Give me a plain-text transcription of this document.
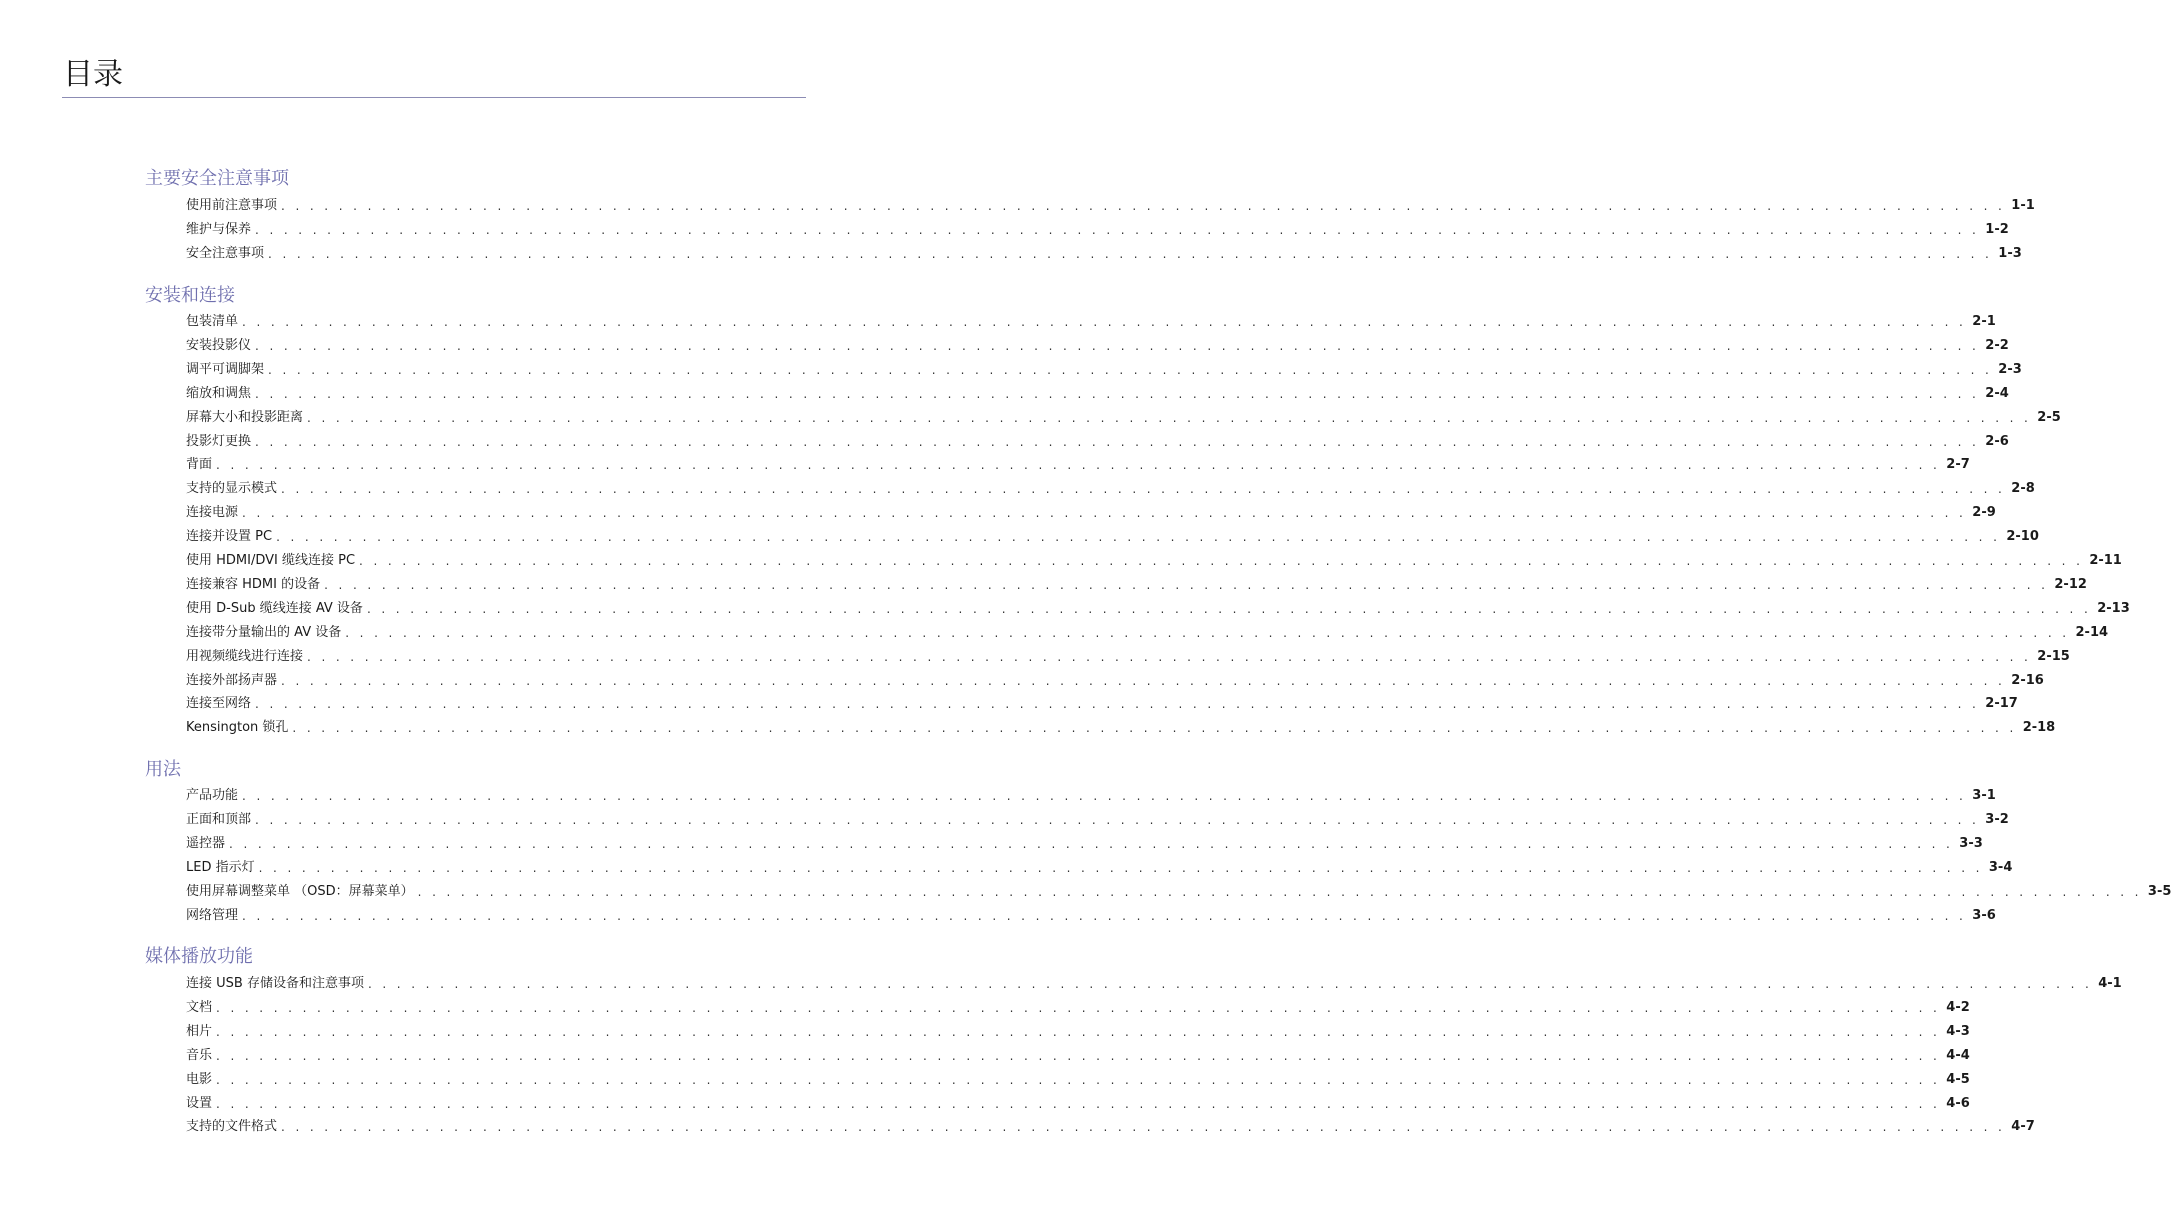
目录
主要安全注意事项
使用前注意事项 . . . . . . . . . . . . . . . . . . . . . . . . . . . . . . . . . . . . . . . . . . . . . . . . . . . . . . . . . . . . . . . . . . . . . . . . . . . . . . . . . . . . . . . . . . . . . . . . . . . . . . . . . . . . . . . . . . . . . . . . 1-1
维护与保养 . . . . . . . . . . . . . . . . . . . . . . . . . . . . . . . . . . . . . . . . . . . . . . . . . . . . . . . . . . . . . . . . . . . . . . . . . . . . . . . . . . . . . . . . . . . . . . . . . . . . . . . . . . . . . . . . . . . . . . . . 1-2
安全注意事项 . . . . . . . . . . . . . . . . . . . . . . . . . . . . . . . . . . . . . . . . . . . . . . . . . . . . . . . . . . . . . . . . . . . . . . . . . . . . . . . . . . . . . . . . . . . . . . . . . . . . . . . . . . . . . . . . . . . . . . . . 1-3
安装和连接
包装清单 . . . . . . . . . . . . . . . . . . . . . . . . . . . . . . . . . . . . . . . . . . . . . . . . . . . . . . . . . . . . . . . . . . . . . . . . . . . . . . . . . . . . . . . . . . . . . . . . . . . . . . . . . . . . . . . . . . . . . . . . 2-1
安装投影仪 . . . . . . . . . . . . . . . . . . . . . . . . . . . . . . . . . . . . . . . . . . . . . . . . . . . . . . . . . . . . . . . . . . . . . . . . . . . . . . . . . . . . . . . . . . . . . . . . . . . . . . . . . . . . . . . . . . . . . . . . 2-2
调平可调脚架 . . . . . . . . . . . . . . . . . . . . . . . . . . . . . . . . . . . . . . . . . . . . . . . . . . . . . . . . . . . . . . . . . . . . . . . . . . . . . . . . . . . . . . . . . . . . . . . . . . . . . . . . . . . . . . . . . . . . . . . . 2-3
缩放和调焦 . . . . . . . . . . . . . . . . . . . . . . . . . . . . . . . . . . . . . . . . . . . . . . . . . . . . . . . . . . . . . . . . . . . . . . . . . . . . . . . . . . . . . . . . . . . . . . . . . . . . . . . . . . . . . . . . . . . . . . . . 2-4
屏幕大小和投影距离 . . . . . . . . . . . . . . . . . . . . . . . . . . . . . . . . . . . . . . . . . . . . . . . . . . . . . . . . . . . . . . . . . . . . . . . . . . . . . . . . . . . . . . . . . . . . . . . . . . . . . . . . . . . . . . . . . . . . . . . . 2-5
投影灯更换 . . . . . . . . . . . . . . . . . . . . . . . . . . . . . . . . . . . . . . . . . . . . . . . . . . . . . . . . . . . . . . . . . . . . . . . . . . . . . . . . . . . . . . . . . . . . . . . . . . . . . . . . . . . . . . . . . . . . . . . . 2-6
背面 . . . . . . . . . . . . . . . . . . . . . . . . . . . . . . . . . . . . . . . . . . . . . . . . . . . . . . . . . . . . . . . . . . . . . . . . . . . . . . . . . . . . . . . . . . . . . . . . . . . . . . . . . . . . . . . . . . . . . . . . 2-7
支持的显示模式 . . . . . . . . . . . . . . . . . . . . . . . . . . . . . . . . . . . . . . . . . . . . . . . . . . . . . . . . . . . . . . . . . . . . . . . . . . . . . . . . . . . . . . . . . . . . . . . . . . . . . . . . . . . . . . . . . . . . . . . . 2-8
连接电源 . . . . . . . . . . . . . . . . . . . . . . . . . . . . . . . . . . . . . . . . . . . . . . . . . . . . . . . . . . . . . . . . . . . . . . . . . . . . . . . . . . . . . . . . . . . . . . . . . . . . . . . . . . . . . . . . . . . . . . . . 2-9
连接并设置 PC . . . . . . . . . . . . . . . . . . . . . . . . . . . . . . . . . . . . . . . . . . . . . . . . . . . . . . . . . . . . . . . . . . . . . . . . . . . . . . . . . . . . . . . . . . . . . . . . . . . . . . . . . . . . . . . . . . . . . . . . 2-10
使用 HDMI/DVI 缆线连接 PC . . . . . . . . . . . . . . . . . . . . . . . . . . . . . . . . . . . . . . . . . . . . . . . . . . . . . . . . . . . . . . . . . . . . . . . . . . . . . . . . . . . . . . . . . . . . . . . . . . . . . . . . . . . . . . . . . . . . . . . . 2-11
连接兼容 HDMI 的设备 . . . . . . . . . . . . . . . . . . . . . . . . . . . . . . . . . . . . . . . . . . . . . . . . . . . . . . . . . . . . . . . . . . . . . . . . . . . . . . . . . . . . . . . . . . . . . . . . . . . . . . . . . . . . . . . . . . . . . . . . 2-12
使用 D-Sub 缆线连接 AV 设备 . . . . . . . . . . . . . . . . . . . . . . . . . . . . . . . . . . . . . . . . . . . . . . . . . . . . . . . . . . . . . . . . . . . . . . . . . . . . . . . . . . . . . . . . . . . . . . . . . . . . . . . . . . . . . . . . . . . . . . . . 2-13
连接带分量输出的 AV 设备 . . . . . . . . . . . . . . . . . . . . . . . . . . . . . . . . . . . . . . . . . . . . . . . . . . . . . . . . . . . . . . . . . . . . . . . . . . . . . . . . . . . . . . . . . . . . . . . . . . . . . . . . . . . . . . . . . . . . . . . . 2-14
用视频缆线进行连接 . . . . . . . . . . . . . . . . . . . . . . . . . . . . . . . . . . . . . . . . . . . . . . . . . . . . . . . . . . . . . . . . . . . . . . . . . . . . . . . . . . . . . . . . . . . . . . . . . . . . . . . . . . . . . . . . . . . . . . . . 2-15
连接外部扬声器 . . . . . . . . . . . . . . . . . . . . . . . . . . . . . . . . . . . . . . . . . . . . . . . . . . . . . . . . . . . . . . . . . . . . . . . . . . . . . . . . . . . . . . . . . . . . . . . . . . . . . . . . . . . . . . . . . . . . . . . . 2-16
连接至网络 . . . . . . . . . . . . . . . . . . . . . . . . . . . . . . . . . . . . . . . . . . . . . . . . . . . . . . . . . . . . . . . . . . . . . . . . . . . . . . . . . . . . . . . . . . . . . . . . . . . . . . . . . . . . . . . . . . . . . . . . 2-17
Kensington 锁孔 . . . . . . . . . . . . . . . . . . . . . . . . . . . . . . . . . . . . . . . . . . . . . . . . . . . . . . . . . . . . . . . . . . . . . . . . . . . . . . . . . . . . . . . . . . . . . . . . . . . . . . . . . . . . . . . . . . . . . . . . 2-18
用法
产品功能 . . . . . . . . . . . . . . . . . . . . . . . . . . . . . . . . . . . . . . . . . . . . . . . . . . . . . . . . . . . . . . . . . . . . . . . . . . . . . . . . . . . . . . . . . . . . . . . . . . . . . . . . . . . . . . . . . . . . . . . . 3-1
正面和顶部 . . . . . . . . . . . . . . . . . . . . . . . . . . . . . . . . . . . . . . . . . . . . . . . . . . . . . . . . . . . . . . . . . . . . . . . . . . . . . . . . . . . . . . . . . . . . . . . . . . . . . . . . . . . . . . . . . . . . . . . . 3-2
遥控器 . . . . . . . . . . . . . . . . . . . . . . . . . . . . . . . . . . . . . . . . . . . . . . . . . . . . . . . . . . . . . . . . . . . . . . . . . . . . . . . . . . . . . . . . . . . . . . . . . . . . . . . . . . . . . . . . . . . . . . . . 3-3
LED 指示灯 . . . . . . . . . . . . . . . . . . . . . . . . . . . . . . . . . . . . . . . . . . . . . . . . . . . . . . . . . . . . . . . . . . . . . . . . . . . . . . . . . . . . . . . . . . . . . . . . . . . . . . . . . . . . . . . . . . . . . . . . 3-4
使用屏幕调整菜单 （OSD：屏幕菜单） . . . . . . . . . . . . . . . . . . . . . . . . . . . . . . . . . . . . . . . . . . . . . . . . . . . . . . . . . . . . . . . . . . . . . . . . . . . . . . . . . . . . . . . . . . . . . . . . . . . . . . . . . . . . . . . . . . . . . . . . 3-5
网络管理 . . . . . . . . . . . . . . . . . . . . . . . . . . . . . . . . . . . . . . . . . . . . . . . . . . . . . . . . . . . . . . . . . . . . . . . . . . . . . . . . . . . . . . . . . . . . . . . . . . . . . . . . . . . . . . . . . . . . . . . . 3-6
媒体播放功能
连接 USB 存储设备和注意事项 . . . . . . . . . . . . . . . . . . . . . . . . . . . . . . . . . . . . . . . . . . . . . . . . . . . . . . . . . . . . . . . . . . . . . . . . . . . . . . . . . . . . . . . . . . . . . . . . . . . . . . . . . . . . . . . . . . . . . . . . 4-1
文档 . . . . . . . . . . . . . . . . . . . . . . . . . . . . . . . . . . . . . . . . . . . . . . . . . . . . . . . . . . . . . . . . . . . . . . . . . . . . . . . . . . . . . . . . . . . . . . . . . . . . . . . . . . . . . . . . . . . . . . . . 4-2
相片 . . . . . . . . . . . . . . . . . . . . . . . . . . . . . . . . . . . . . . . . . . . . . . . . . . . . . . . . . . . . . . . . . . . . . . . . . . . . . . . . . . . . . . . . . . . . . . . . . . . . . . . . . . . . . . . . . . . . . . . . 4-3
音乐 . . . . . . . . . . . . . . . . . . . . . . . . . . . . . . . . . . . . . . . . . . . . . . . . . . . . . . . . . . . . . . . . . . . . . . . . . . . . . . . . . . . . . . . . . . . . . . . . . . . . . . . . . . . . . . . . . . . . . . . . 4-4
电影 . . . . . . . . . . . . . . . . . . . . . . . . . . . . . . . . . . . . . . . . . . . . . . . . . . . . . . . . . . . . . . . . . . . . . . . . . . . . . . . . . . . . . . . . . . . . . . . . . . . . . . . . . . . . . . . . . . . . . . . . 4-5
设置 . . . . . . . . . . . . . . . . . . . . . . . . . . . . . . . . . . . . . . . . . . . . . . . . . . . . . . . . . . . . . . . . . . . . . . . . . . . . . . . . . . . . . . . . . . . . . . . . . . . . . . . . . . . . . . . . . . . . . . . . 4-6
支持的文件格式 . . . . . . . . . . . . . . . . . . . . . . . . . . . . . . . . . . . . . . . . . . . . . . . . . . . . . . . . . . . . . . . . . . . . . . . . . . . . . . . . . . . . . . . . . . . . . . . . . . . . . . . . . . . . . . . . . . . . . . . . 4-7
